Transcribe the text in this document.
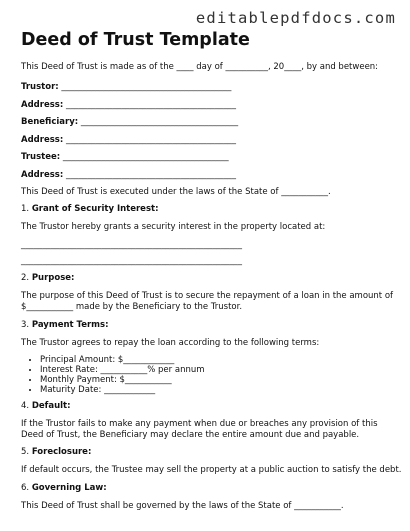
editablepdfdocs.com
Deed of Trust Template
This Deed of Trust is made as of the ____ day of __________, 20____, by and between:
Trustor: ________________________________________
Address: ________________________________________
Beneficiary: _____________________________________
Address: ________________________________________
Trustee: _______________________________________
Address: ________________________________________
This Deed of Trust is executed under the laws of the State of ___________.
1. Grant of Security Interest:
The Trustor hereby grants a security interest in the property located at:
____________________________________________________
____________________________________________________
2. Purpose:
The purpose of this Deed of Trust is to secure the repayment of a loan in the amount of $___________ made by the Beneficiary to the Trustor.
3. Payment Terms:
The Trustor agrees to repay the loan according to the following terms:
• Principal Amount: $____________
• Interest Rate: ___________% per annum
• Monthly Payment: $___________
• Maturity Date: ____________
4. Default:
If the Trustor fails to make any payment when due or breaches any provision of this Deed of Trust, the Beneficiary may declare the entire amount due and payable.
5. Foreclosure:
If default occurs, the Trustee may sell the property at a public auction to satisfy the debt.
6. Governing Law:
This Deed of Trust shall be governed by the laws of the State of ___________.
